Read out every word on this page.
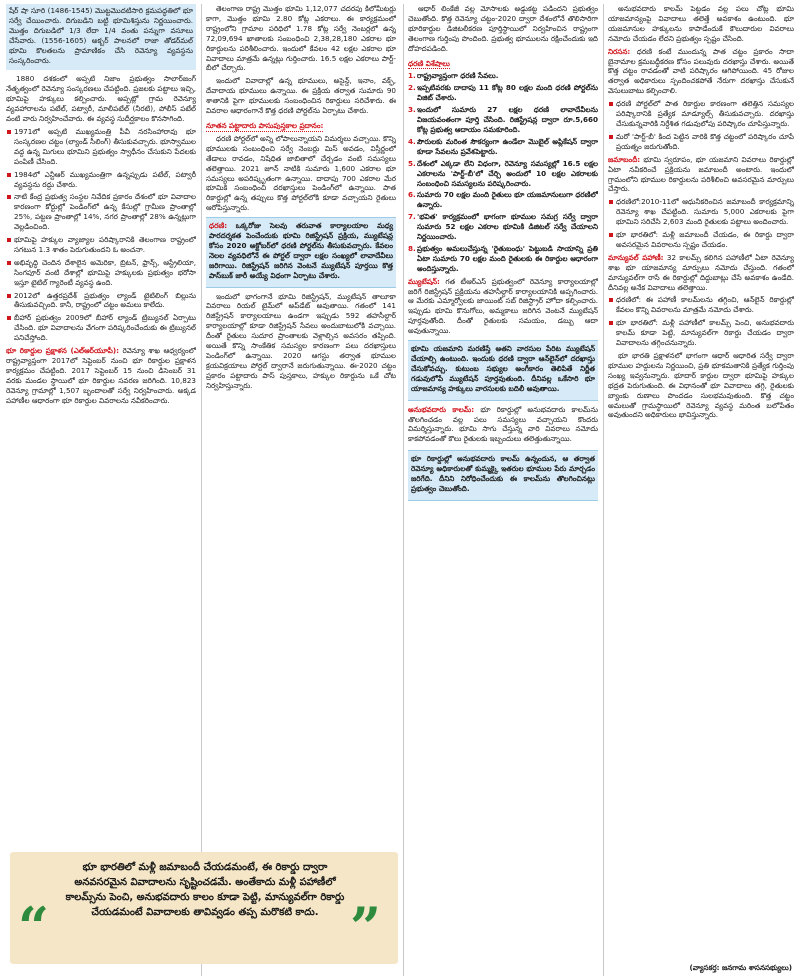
షేర్ షా సూరి (1486-1545) మొట్టమొదటిసారి క్రమపద్ధతిలో భూ సర్వే చేయించారు. దిగుబడిని బట్టి భూమిశిస్తును నిర్ణయించారు. మొత్తం దిగుబడిలో 1/3 లేదా 1/4 వంతు పన్నుగా వసూలు చేసేవారు. (1556-1605) అక్బర్ పాలనలో రాజా తోడర్‌మల్ భూమి కొలతలను ప్రామాణికం చేసి రెవెన్యూ వ్యవస్థను సంస్కరించారు.

1880 దశకంలో అప్పటి నిజాం ప్రభుత్వం సాలార్‌జంగ్ నేతృత్వంలో రెవెన్యూ సంస్కరణలు చేపట్టింది. ప్రజలకు పట్టాలు ఇచ్చి, భూమిపై హక్కులు కల్పించారు. అప్పట్లో గ్రామ రెవెన్యూ వ్యవహారాలను పటేల్, పట్వారీ, మాలీపటేల్ (నీరటి), పోలీస్ పటేల్ వంటి వారు నిర్వహించేవారు. ఈ వ్యవస్థ సుదీర్ఘకాలం కొనసాగింది.

1971లో అప్పటి ముఖ్యమంత్రి పీవీ నరసింహారావు భూ సంస్కరణల చట్టం (ల్యాండ్ సీలింగ్) తీసుకువచ్చారు. భూస్వాముల వద్ద ఉన్న మిగులు భూమిని ప్రభుత్వం స్వాధీనం చేసుకుని పేదలకు పంపిణీ చేసింది.
1984లో ఎన్టీఆర్ ముఖ్యమంత్రిగా ఉన్నప్పుడు పటేల్, పట్వారీ వ్యవస్థను రద్దు చేశారు.
నాటి కేంద్ర ప్రభుత్వ సంస్థల నివేదిక ప్రకారం దేశంలో భూ వివాదాల కారణంగా కోర్టుల్లో పెండింగ్‌లో ఉన్న కేసుల్లో గ్రామీణ ప్రాంతాల్లో 25%, పట్టణ ప్రాంతాల్లో 14%, నగర ప్రాంతాల్లో 28% ఉన్నట్లుగా వెల్లడించింది.
భూమిపై హక్కుల వ్యాజ్యాల పరిష్కారానికి తెలంగాణ రాష్ట్రంలో సగటున 1.3 శాతం పెరుగుతుందని ఓ అంచనా.
అభివృద్ధి చెందిన దేశాలైన అమెరికా, బ్రిటన్, ఫ్రాన్స్, ఆస్ట్రేలియా, సింగపూర్ వంటి దేశాల్లో భూమిపై హక్కులకు ప్రభుత్వం భరోసా ఇస్తూ టైటిల్ గ్యారెంటీ వ్యవస్థ ఉంది.
2012లో ఉత్తరప్రదేశ్ ప్రభుత్వం ల్యాండ్ టైటిలింగ్ బిల్లును తీసుకువచ్చింది. కానీ, రాష్ట్రంలో చట్టం అమలు కాలేదు.
బీహార్ ప్రభుత్వం 2009లో బీహార్ ల్యాండ్ ట్రిబ్యునల్ ఏర్పాటు చేసింది. భూ వివాదాలను వేగంగా పరిష్కరించేందుకు ఈ ట్రిబ్యునల్ పనిచేస్తోంది.

భూ రికార్డుల ప్రక్షాళన (ఎల్‌ఆర్‌యూపీ): రెవెన్యూ శాఖ ఆధ్వర్యంలో రాష్ట్రవ్యాప్తంగా 2017లో సెప్టెంబర్ నుంచి భూ రికార్డుల ప్రక్షాళన కార్యక్రమం చేపట్టింది. 2017 సెప్టెంబర్ 15 నుంచి డిసెంబర్ 31 వరకు మండల స్థాయిలో భూ రికార్డుల సవరణ జరిగింది. 10,823 రెవెన్యూ గ్రామాల్లో 1,507 బృందాలతో సర్వే నిర్వహించారు. అక్కడ పహాణీల ఆధారంగా భూ రికార్డుల వివరాలను నవీకరించారు.

తెలంగాణ రాష్ట్ర మొత్తం భూమి 1,12,077 చదరపు కిలోమీటర్లు కాగా, మొత్తం భూమి 2.80 కోట్ల ఎకరాలు. ఈ కార్యక్రమంలో రాష్ట్రంలోని గ్రామాల పరిధిలో 1.78 కోట్ల సర్వే నెంబర్లలో ఉన్న 72,09,694 ఖాతాలకు సంబంధించి 2,38,28,180 ఎకరాల భూ రికార్డులను పరిశీలించారు. ఇందులో కేవలం 42 లక్షల ఎకరాల భూ వివాదాలు మాత్రమే ఉన్నట్లు గుర్తించారు. 16.5 లక్షల ఎకరాలు పార్ట్-బీలో చేర్చారు.

ఇందులో వివాదాల్లో ఉన్న భూములు, అసైన్డ్, ఇనాం, వక్ఫ్, దేవాదాయ భూములు ఉన్నాయి. ఈ ప్రక్రియ తర్వాత సుమారు 90 శాతానికి పైగా భూములకు సంబంధించిన రికార్డులు సరిచేశారు. ఈ వివరాల ఆధారంగానే కొత్త ధరణి పోర్టల్‌ను ఏర్పాటు చేశారు.

నూతన పట్టాదారు పాసుపుస్తకాల ప్రదానం:

ధరణి పోర్టల్‌లో అన్ని లోపాలున్నాయని విమర్శలు వచ్చాయి. కొన్ని భూములకు సంబంధించి సర్వే నెంబర్లు మిస్ అవడం, విస్తీర్ణంలో తేడాలు రావడం, నిషేధిత జాబితాలో చేర్చడం వంటి సమస్యలు తలెత్తాయి. 2021 జూన్ నాటికి సుమారు 1,600 ఎకరాల భూ సమస్యలు అపరిష్కృతంగా ఉన్నాయి. దాదాపు 700 ఎకరాల మేర భూమికి సంబంధించి దరఖాస్తులు పెండింగ్‌లో ఉన్నాయి. పాత రికార్డుల్లో ఉన్న తప్పులు కొత్త పోర్టల్‌లోకి కూడా వచ్చాయని రైతులు ఆరోపిస్తున్నారు.

ధరణి: ఒక్కరోజు సెలవు తరువాత కార్యాలయాల మధ్య పారదర్శకత పెంచేందుకు భూమి రిజిస్ట్రేషన్ ప్రక్రియ, మ్యుటేషన్ల కోసం 2020 అక్టోబర్‌లో ధరణి పోర్టల్‌ను తీసుకువచ్చారు. కేవలం నెలల వ్యవధిలోనే ఈ పోర్టల్ ద్వారా లక్షల సంఖ్యలో లావాదేవీలు జరిగాయి. రిజిస్ట్రేషన్ జరిగిన వెంటనే మ్యుటేషన్ పూర్తయి కొత్త పాస్‌బుక్ జారీ అయ్యే విధంగా ఏర్పాటు చేశారు.

ఇందులో భాగంగానే భూమి రిజిస్ట్రేషన్, మ్యుటేషన్ తాలూకా వివరాలు రియల్ టైమ్‌లో అప్‌డేట్ అవుతాయి. గతంలో 141 రిజిస్ట్రేషన్ కార్యాలయాలు ఉండగా ఇప్పుడు 592 తహసీల్దార్ కార్యాలయాల్లో కూడా రిజిస్ట్రేషన్ సేవలు అందుబాటులోకి వచ్చాయి. దీంతో రైతులు సుదూర ప్రాంతాలకు వెళ్లాల్సిన అవసరం తప్పింది. అయితే కొన్ని సాంకేతిక సమస్యల కారణంగా పలు దరఖాస్తులు పెండింగ్‌లో ఉన్నాయి. 2020 ఆగస్టు తర్వాత భూముల క్రయవిక్రయాలు పోర్టల్ ద్వారానే జరుగుతున్నాయి. ఈ-2020 చట్టం ప్రకారం పట్టాదారు పాస్ పుస్తకాలు, హక్కుల రికార్డును ఒకే చోట నిర్వహిస్తున్నారు.

ఆధార్ లింకేజీ వల్ల మోసాలకు అడ్డుకట్ట పడిందని ప్రభుత్వం చెబుతోంది. కొత్త రెవెన్యూ చట్టం-2020 ద్వారా దేశంలోనే తొలిసారిగా భూరికార్డుల డిజిటలీకరణ పూర్తిస్థాయిలో నిర్వహించిన రాష్ట్రంగా తెలంగాణ గుర్తింపు పొందింది. ప్రభుత్వ భూములను రక్షించేందుకు ఇది దోహదపడింది.

ధరణి విశేషాలు
1. రాష్ట్రవ్యాప్తంగా ధరణి సేవలు.
2. ఇప్పటివరకు దాదాపు 11 కోట్ల 80 లక్షల మంది ధరణి పోర్టల్‌ను విజిట్ చేశారు.
3. ఇందులో సుమారు 27 లక్షల ధరణి లావాదేవీలను విజయవంతంగా పూర్తి చేసింది. రిజిస్ట్రేషన్ల ద్వారా రూ.5,660 కోట్ల ప్రభుత్వ ఆదాయం సమకూరింది.
4. పౌరులకు మరింత సౌకర్యంగా ఉండేలా మొబైల్ అప్లికేషన్ ద్వారా కూడా సేవలను ప్రవేశపెట్టారు.
5. దేశంలో ఎక్కడా లేని విధంగా, రెవెన్యూ సమస్యల్లో 16.5 లక్షల ఎకరాలను 'పార్ట్-బీ'లో చేర్చి అందులో 10 లక్షల ఎకరాలకు సంబంధించి సమస్యలను పరిష్కరించారు.
6. సుమారు 70 లక్షల మంది రైతులు భూ యజమానులుగా ధరణిలో ఉన్నారు.
7. 'భవిత' కార్యక్రమంలో భాగంగా భూముల సమగ్ర సర్వే ద్వారా సుమారు 52 లక్షల ఎకరాల భూమికి డిజిటల్ సర్వే చేయాలని నిర్ణయించారు.
8. ప్రభుత్వం అమలుచేస్తున్న 'రైతుబంధు' పెట్టుబడి సాయాన్ని ప్రతి ఏటా సుమారు 70 లక్షల మంది రైతులకు ఈ రికార్డుల ఆధారంగా అందిస్తున్నారు.

మ్యుటేషన్: గత టీఆర్ఎస్ ప్రభుత్వంలో రెవెన్యూ కార్యాలయాల్లో జరిగే రిజిస్ట్రేషన్ ప్రక్రియను తహసీల్దార్ కార్యాలయానికి అప్పగించారు. ఆ మేరకు ఎమ్మార్వోలకు జాయింట్ సబ్ రిజిస్ట్రార్ హోదా కల్పించారు. ఇప్పుడు భూమి కొనుగోలు, అమ్మకాలు జరిగిన వెంటనే మ్యుటేషన్ పూర్తవుతోంది. దీంతో రైతులకు సమయం, డబ్బు ఆదా అవుతున్నాయి.

భూమి యజమాని మరణిస్తే అతని వారసుల పేరిట మ్యుటేషన్ చేయాల్సి ఉంటుంది. ఇందుకు ధరణి ద్వారా ఆన్‌లైన్‌లో దరఖాస్తు చేసుకోవచ్చు. కుటుంబ సభ్యుల అంగీకారం తెలిపితే నిర్ణీత గడువులోపే మ్యుటేషన్ పూర్తవుతుంది. దీనివల్ల ఒకేసారి భూ యాజమాన్య హక్కులు వారసులకు బదిలీ అవుతాయి.

అనుభవదారు కాలమ్: భూ రికార్డుల్లో అనుభవదారు కాలమ్‌ను తొలగించడం వల్ల పలు సమస్యలు వచ్చాయని కొందరు విమర్శిస్తున్నారు. భూమి సాగు చేస్తున్న వారి వివరాలు నమోదు కాకపోవడంతో కౌలు రైతులకు ఇబ్బందులు తలెత్తుతున్నాయి.

భూ రికార్డుల్లో అనుభవదారు కాలమ్ ఉన్నందున, ఆ తర్వాత రెవెన్యూ అధికారులతో కుమ్మక్కై ఇతరుల భూముల పేరు మార్చడం జరిగేది. దీనిని నిరోధించేందుకు ఈ కాలమ్‌ను తొలగించినట్లు ప్రభుత్వం చెబుతోంది.

అనుభవదారు కాలమ్ పెట్టడం వల్ల పలు చోట్ల భూమి యాజమాన్యంపై వివాదాలు తలెత్తే అవకాశం ఉంటుంది. భూ యజమానుల హక్కులను కాపాడేందుకే కౌలుదారుల వివరాలు నమోదు చేయడం లేదని ప్రభుత్వం స్పష్టం చేసింది.

నిరసన: ధరణి కంటే ముందున్న పాత చట్టం ప్రకారం సాదా బైనామాల క్రమబద్ధీకరణ కోసం పలువురు దరఖాస్తు చేశారు. అయితే కొత్త చట్టం రావడంతో వాటి పరిష్కారం ఆగిపోయింది. 45 రోజుల తర్వాత అధికారులు స్పందించకపోతే నేరుగా దరఖాస్తు చేసుకునే వెసులుబాటు కల్పించాలి.

ధరణి పోర్టల్‌లో పాత రికార్డుల కారణంగా తలెత్తిన సమస్యల పరిష్కారానికి ప్రత్యేక మాడ్యూల్స్ తీసుకువచ్చారు. దరఖాస్తు చేసుకున్నవారికి నిర్దేశిత గడువులోపు పరిష్కారం చూపిస్తున్నారు.
మరో 'పార్ట్-బీ' కింద పెట్టిన వారికి కొత్త చట్టంలో పరిష్కారం చూపే ప్రయత్నం జరుగుతోంది.

జమాబందీ: భూమి స్వరూపం, భూ యజమాని వివరాలు రికార్డుల్లో ఏటా నవీకరించే ప్రక్రియను జమాబందీ అంటారు. ఇందులో గ్రామంలోని భూముల రికార్డులను పరిశీలించి అవసరమైన మార్పులు చేస్తారు.

ధరణిలో:2010-11లో ఆధునీకరించిన జమాబందీ కార్యక్రమాన్ని రెవెన్యూ శాఖ చేపట్టింది. సుమారు 5,000 ఎకరాలకు పైగా భూమిని సరిచేసి 2,603 మంది రైతులకు పట్టాలు అందించారు.
భూ భారతిలో: మళ్లీ జమాబందీ చేయడం, ఈ రికార్డు ద్వారా అవసరమైన వివరాలను స్పష్టం చేయడం.

మాన్యువల్ పహాణీ: 32 కాలమ్స్ కలిగిన పహాణీలో ఏటా రెవెన్యూ శాఖ భూ యాజమాన్య మార్పులు నమోదు చేస్తుంది. గతంలో మాన్యువల్‌గా రాసే ఈ రికార్డుల్లో దిద్దుబాట్లు చేసే అవకాశం ఉండేది. దీనివల్ల అనేక వివాదాలు తలెత్తాయి.

ధరణిలో: ఈ పహాణీ కాలమ్‌లను తగ్గించి, ఆన్‌లైన్ రికార్డుల్లో కేవలం కొన్ని వివరాలను మాత్రమే నమోదు చేశారు.
భూ భారతిలో: మళ్లీ పహాణీలో కాలమ్స్ పెంచి, అనుభవదారు కాలమ్ కూడా పెట్టి, మాన్యువల్‌గా రికార్డు చేయడం ద్వారా వివాదాలను తగ్గించనున్నారు.

భూ భారతి ప్రక్షాళనలో భాగంగా ఆధార్ ఆధారిత సర్వే ద్వారా భూముల హద్దులను నిర్ణయించి, ప్రతి భూకమతానికి ప్రత్యేక గుర్తింపు సంఖ్య ఇవ్వనున్నారు. భూదార్ కార్డుల ద్వారా భూమిపై హక్కుల భద్రత పెరుగుతుంది. ఈ విధానంతో భూ వివాదాలు తగ్గి, రైతులకు బ్యాంకు రుణాలు పొందడం సులభమవుతుంది. కొత్త చట్టం అమలుతో గ్రామస్థాయిలో రెవెన్యూ వ్యవస్థ మరింత బలోపేతం అవుతుందని అధికారులు భావిస్తున్నారు.

(వ్యాసకర్త: జనగామ శాసనసభ్యులు)
“
భూ భారతిలో మళ్లీ జమాబందీ చేయడమంటే, ఈ రికార్డు ద్వారా అనవసరమైన వివాదాలను సృష్టించడమే. అంతేకాదు మళ్లీ పహాణీలో కాలమ్స్‌ను పెంచి, అనుభవదారు కాలం కూడా పెట్టి, మాన్యువల్‌గా రికార్డు చేయడమంటే వివాదాలకు తావివ్వడం తప్ప మరొకటి కాదు. ”
